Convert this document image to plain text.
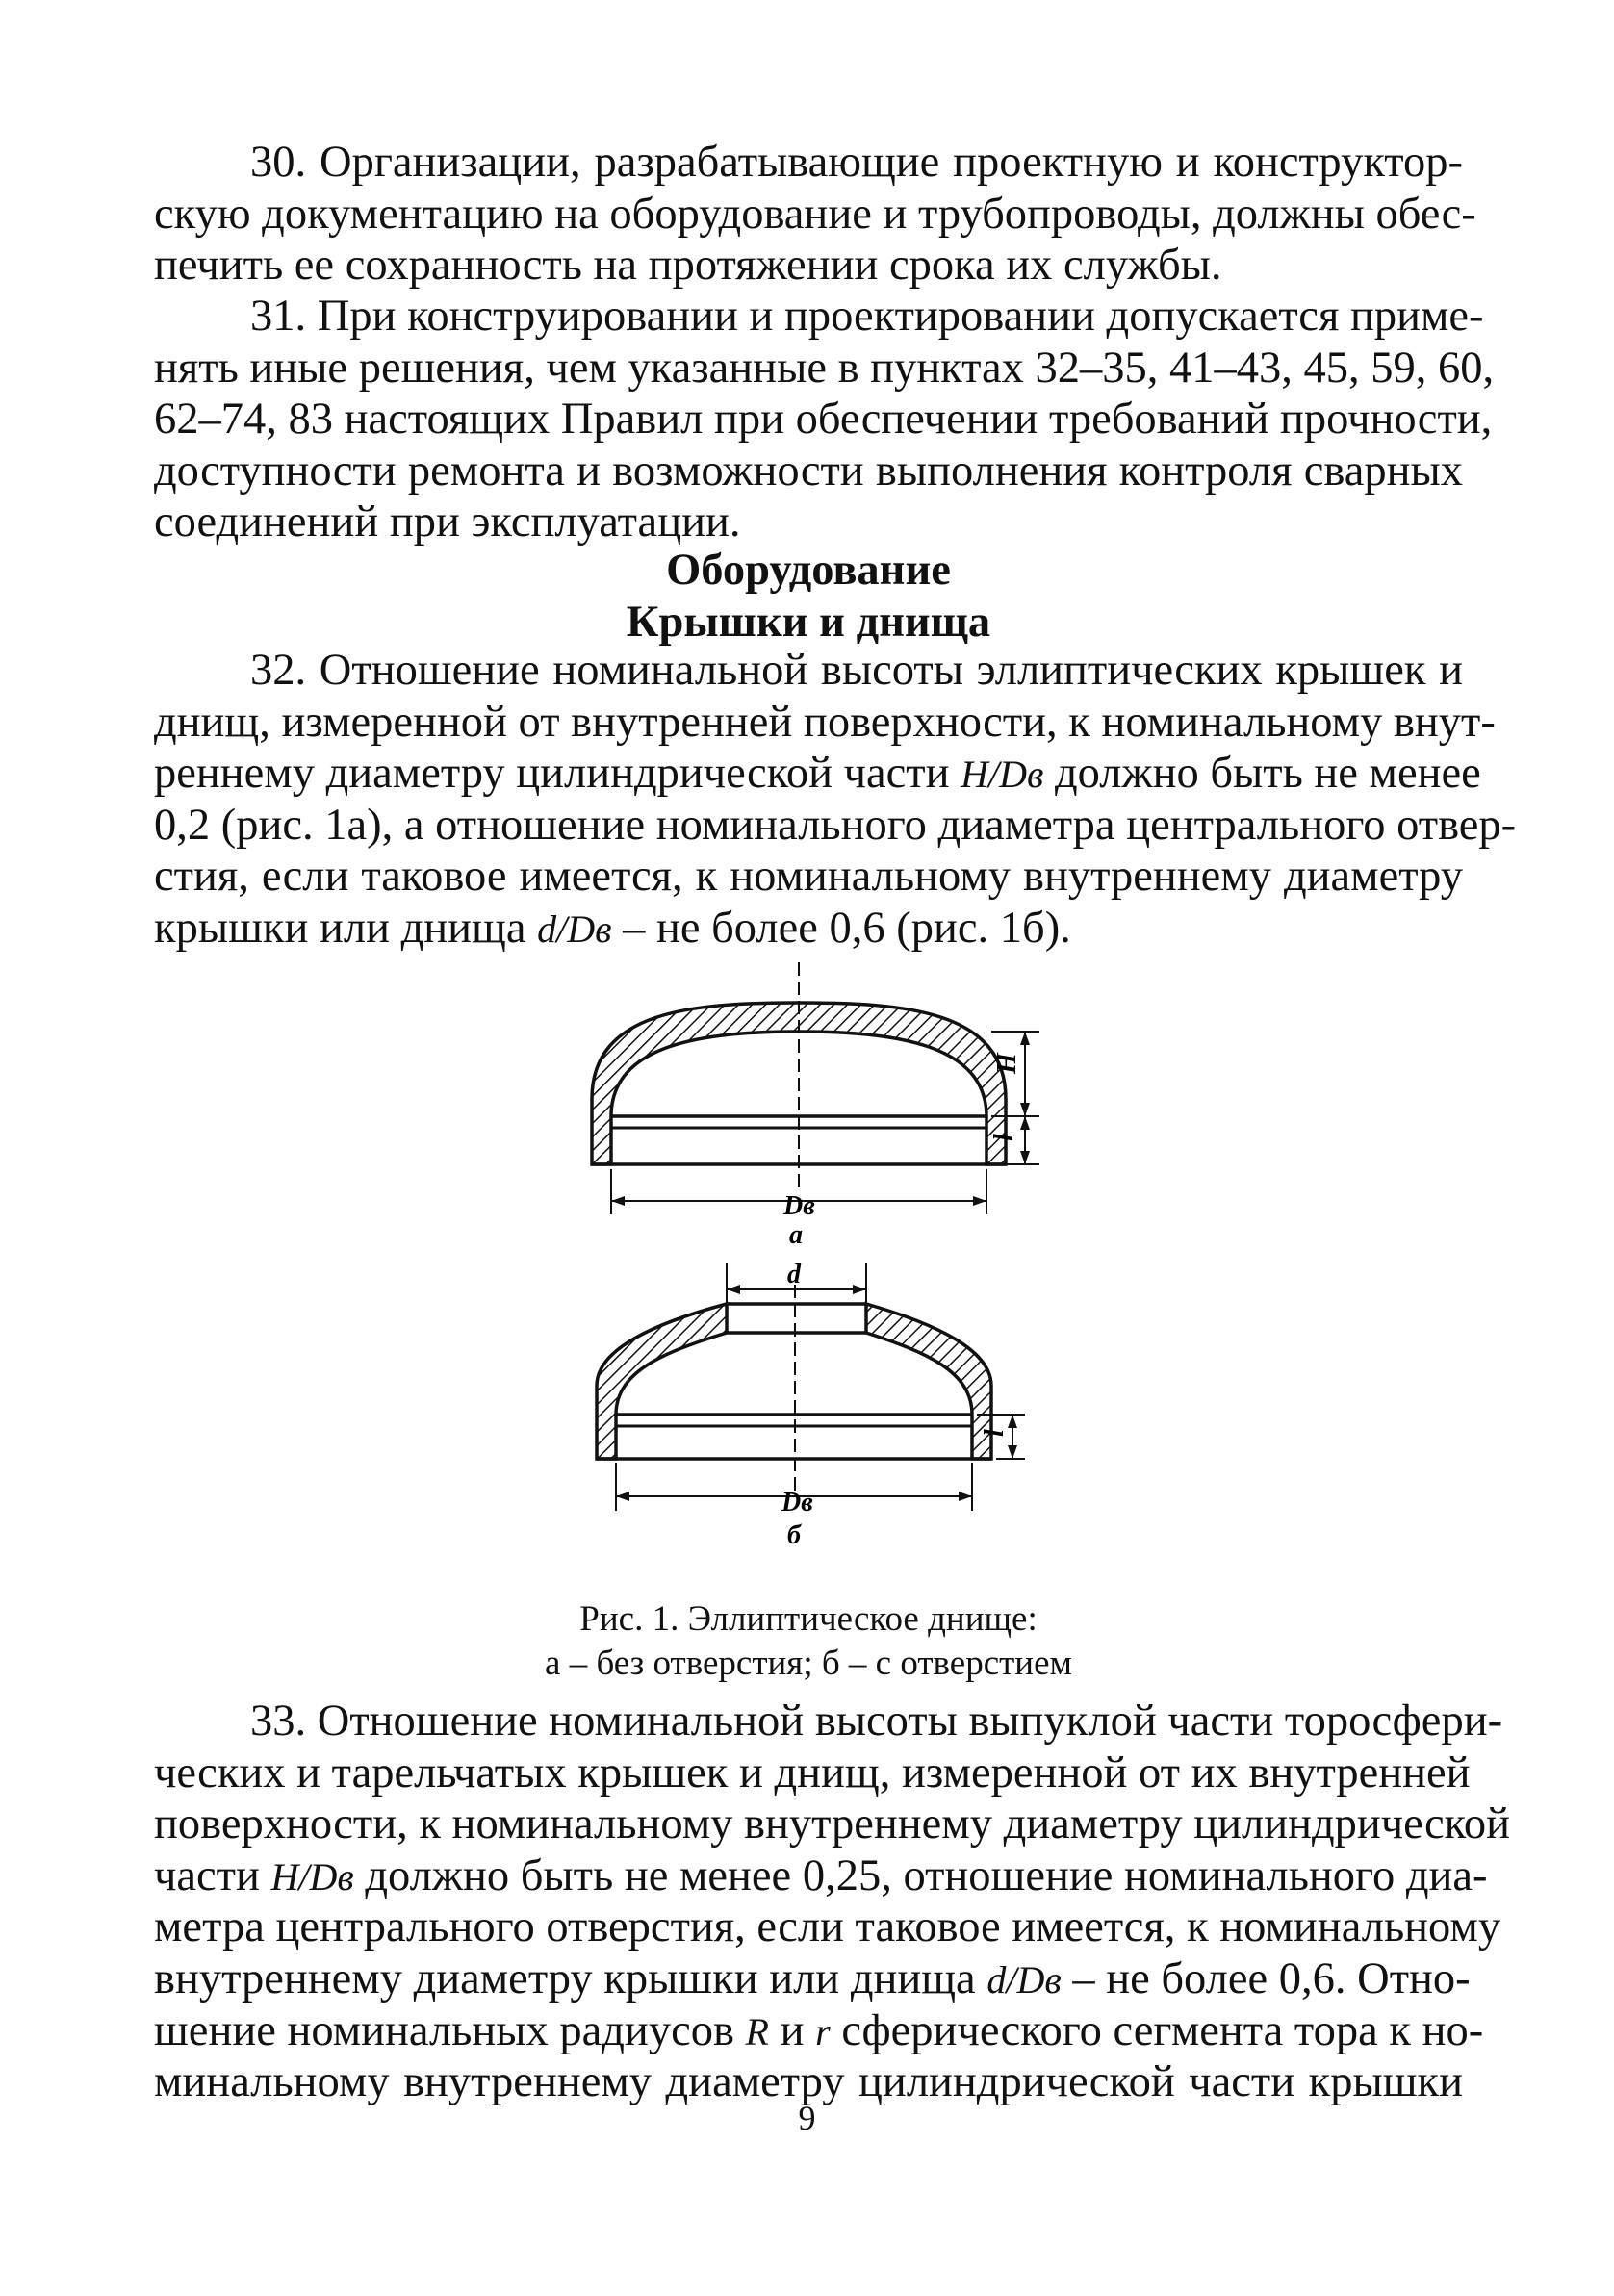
30. Организации, разрабатывающие проектную и конструктор-
скую документацию на оборудование и трубопроводы, должны обес-
печить ее сохранность на протяжении срока их службы.
31. При конструировании и проектировании допускается приме-
нять иные решения, чем указанные в пунктах 32–35, 41–43, 45, 59, 60,
62–74, 83 настоящих Правил при обеспечении требований прочности,
доступности ремонта и возможности выполнения контроля сварных
соединений при эксплуатации.
Оборудование
Крышки и днища
32. Отношение номинальной высоты эллиптических крышек и
днищ, измеренной от внутренней поверхности, к номинальному внут-
реннему диаметру цилиндрической части H/Dв должно быть не менее
0,2 (рис. 1а), а отношение номинального диаметра центрального отвер-
стия, если таковое имеется, к номинальному внутреннему диаметру
крышки или днища d/Dв – не более 0,6 (рис. 1б).
H
l
Dв
а
d
l
Dв
б
Рис. 1. Эллиптическое днище:
а – без отверстия; б – с отверстием
33. Отношение номинальной высоты выпуклой части торосфери-
ческих и тарельчатых крышек и днищ, измеренной от их внутренней
поверхности, к номинальному внутреннему диаметру цилиндрической
части H/Dв должно быть не менее 0,25, отношение номинального диа-
метра центрального отверстия, если таковое имеется, к номинальному
внутреннему диаметру крышки или днища d/Dв – не более 0,6. Отно-
шение номинальных радиусов R и r сферического сегмента тора к но-
минальному внутреннему диаметру цилиндрической части крышки
9
